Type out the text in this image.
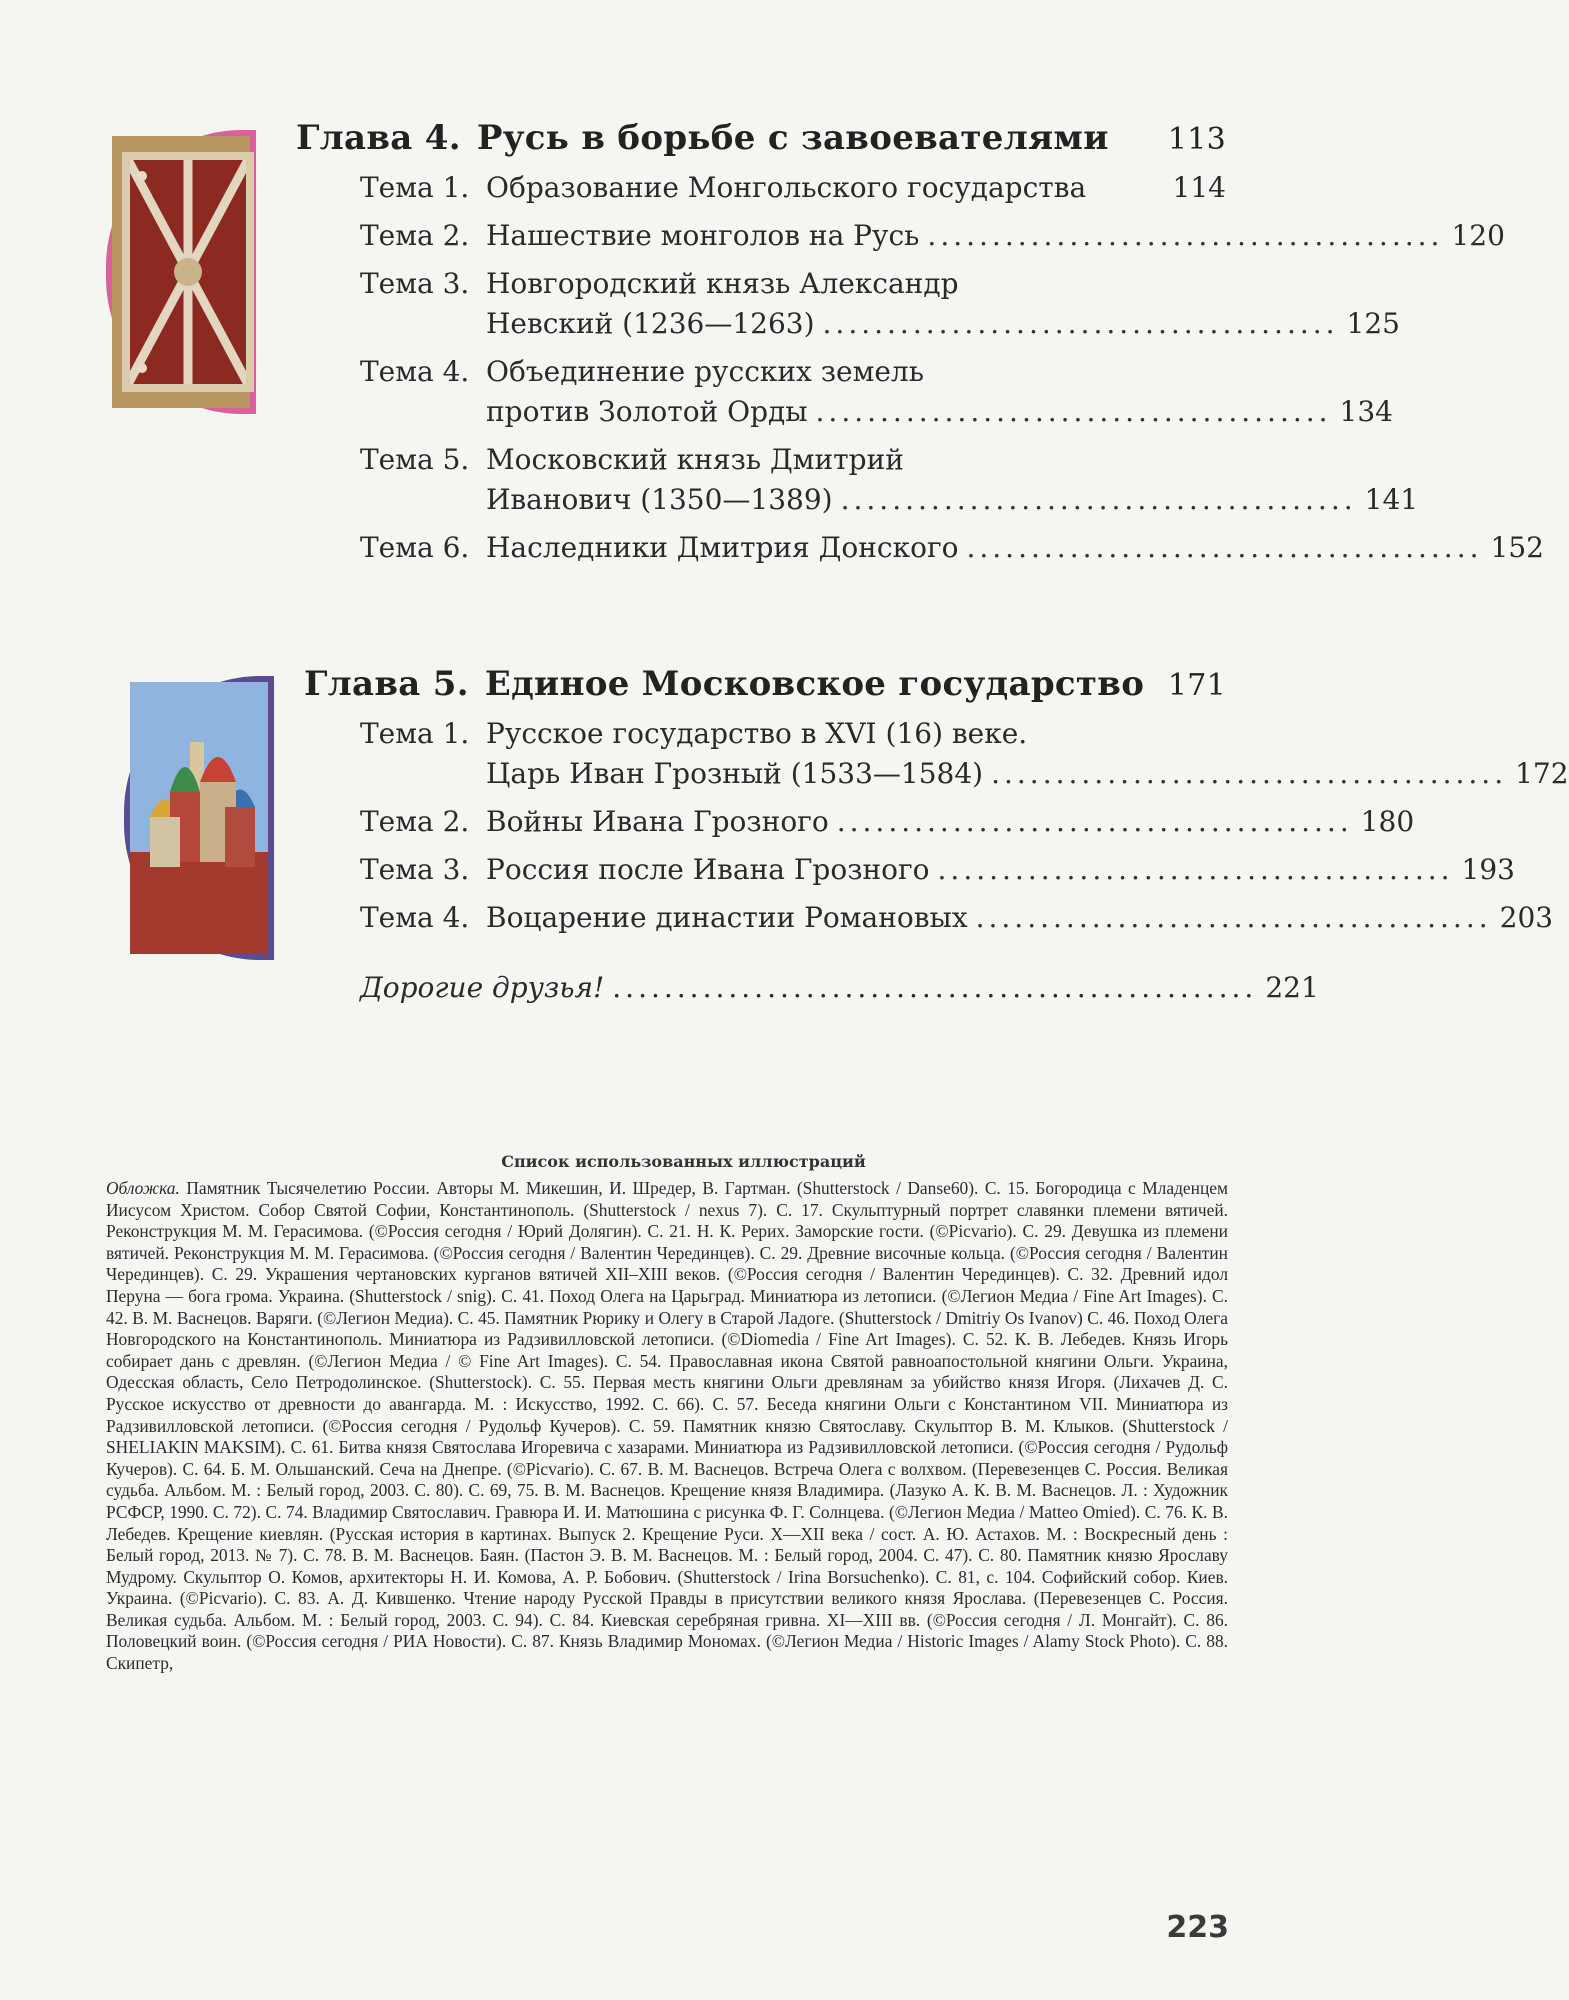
Глава 4. Русь в борьбе с завоевателями	113
Тема 1. Образование Монгольского государства	114
Тема 2. Нашествие монголов на Русь ........................................ 120
Тема 3. Новгородский князь Александр
Невский (1236—1263) ........................................ 125
Тема 4. Объединение русских земель
против Золотой Орды ........................................ 134
Тема 5. Московский князь Дмитрий
Иванович (1350—1389) ........................................ 141
Тема 6. Наследники Дмитрия Донского ........................................ 152
Глава 5. Единое Московское государство 171
Тема 1. Русское государство в XVI (16) веке.
Царь Иван Грозный (1533—1584) ........................................ 172
Тема 2. Войны Ивана Грозного ........................................ 180
Тема 3. Россия после Ивана Грозного ........................................ 193
Тема 4. Воцарение династии Романовых ........................................ 203
Дорогие друзья! .................................................. 221
Список использованных иллюстраций
Обложка. Памятник Тысячелетию России. Авторы М. Микешин, И. Шредер, В. Гартман. (Shutterstock / Danse60). С. 15. Богородица с Младенцем Иисусом Христом. Собор Святой Софии, Константинополь. (Shutterstock / nexus 7). С. 17. Скульптурный портрет славянки племени вятичей. Реконструкция М. М. Герасимова. (©Россия сегодня / Юрий Долягин). С. 21. Н. К. Рерих. Заморские гости. (©Picvario). С. 29. Девушка из племени вятичей. Реконструкция М. М. Герасимова. (©Россия сегодня / Валентин Черединцев). С. 29. Древние височные кольца. (©Россия сегодня / Валентин Черединцев). С. 29. Украшения чертановских курганов вятичей XII–XIII веков. (©Россия сегодня / Валентин Черединцев). С. 32. Древний идол Перуна — бога грома. Украина. (Shutterstock / snig). С. 41. Поход Олега на Царьград. Миниатюра из летописи. (©Легион Медиа / Fine Art Images). С. 42. В. М. Васнецов. Варяги. (©Легион Медиа). С. 45. Памятник Рюрику и Олегу в Старой Ладоге. (Shutterstock / Dmitriy Os Ivanov) С. 46. Поход Олега Новгородского на Константинополь. Миниатюра из Радзивилловской летописи. (©Diomedia / Fine Art Images). С. 52. К. В. Лебедев. Князь Игорь собирает дань с древлян. (©Легион Медиа / © Fine Art Images). С. 54. Православная икона Святой равноапостольной княгини Ольги. Украина, Одесская область, Село Петродолинское. (Shutterstock). С. 55. Первая месть княгини Ольги древлянам за убийство князя Игоря. (Лихачев Д. С. Русское искусство от древности до авангарда. М. : Искусство, 1992. С. 66). С. 57. Беседа княгини Ольги с Константином VII. Миниатюра из Радзивилловской летописи. (©Россия сегодня / Рудольф Кучеров). С. 59. Памятник князю Святославу. Скульптор В. М. Клыков. (Shutterstock / SHELIAKIN MAKSIM). С. 61. Битва князя Святослава Игоревича с хазарами. Миниатюра из Радзивилловской летописи. (©Россия сегодня / Рудольф Кучеров). С. 64. Б. М. Ольшанский. Сеча на Днепре. (©Picvario). С. 67. В. М. Васнецов. Встреча Олега с волхвом. (Перевезенцев С. Россия. Великая судьба. Альбом. М. : Белый город, 2003. С. 80). С. 69, 75. В. М. Васнецов. Крещение князя Владимира. (Лазуко А. К. В. М. Васнецов. Л. : Художник РСФСР, 1990. С. 72). С. 74. Владимир Святославич. Гравюра И. И. Матюшина с рисунка Ф. Г. Солнцева. (©Легион Медиа / Matteo Omied). С. 76. К. В. Лебедев. Крещение киевлян. (Русская история в картинах. Выпуск 2. Крещение Руси. X—XII века / сост. А. Ю. Астахов. М. : Воскресный день : Белый город, 2013. № 7). С. 78. В. М. Васнецов. Баян. (Пастон Э. В. М. Васнецов. М. : Белый город, 2004. С. 47). С. 80. Памятник князю Ярославу Мудрому. Скульптор О. Комов, архитекторы Н. И. Комова, А. Р. Бобович. (Shutterstock / Irina Borsuchenko). С. 81, с. 104. Софийский собор. Киев. Украина. (©Picvario). С. 83. А. Д. Кившенко. Чтение народу Русской Правды в присутствии великого князя Ярослава. (Перевезенцев С. Россия. Великая судьба. Альбом. М. : Белый город, 2003. С. 94). С. 84. Киевская серебряная гривна. XI—XIII вв. (©Россия сегодня / Л. Монгайт). С. 86. Половецкий воин. (©Россия сегодня / РИА Новости). С. 87. Князь Владимир Мономах. (©Легион Медиа / Historic Images / Alamy Stock Photo). С. 88. Скипетр,
223
